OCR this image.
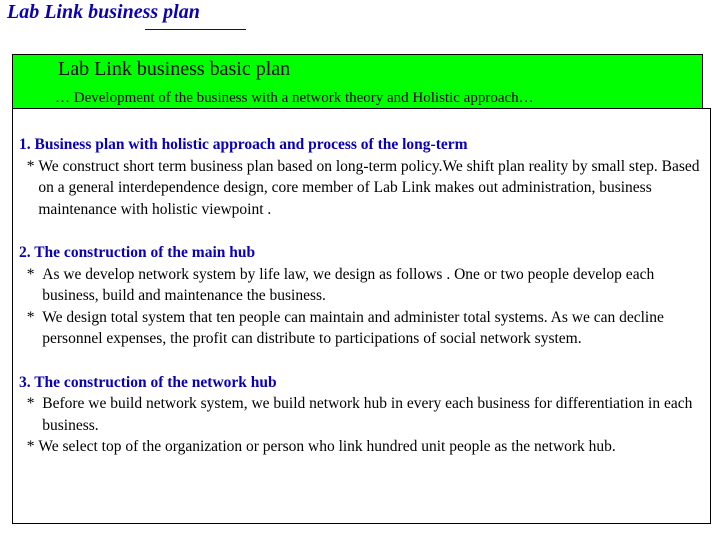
Lab Link business plan
Lab Link business basic plan
… Development of the business with a network theory and Holistic approach…
1. Business plan with holistic approach and process of the long-term
* We construct short term business plan based on long-term policy.We shift plan reality by small step. Based on a general interdependence design, core member of Lab Link makes out administration, business maintenance with holistic viewpoint .
2. The construction of the main hub
* As we develop network system by life law, we design as follows . One or two people develop each business, build and maintenance the business.
* We design total system that ten people can maintain and administer total systems. As we can decline personnel expenses, the profit can distribute to participations of social network system.
3. The construction of the network hub
* Before we build network system, we build network hub in every each business for differentiation in each business.
* We select top of the organization or person who link hundred unit people as the network hub.
